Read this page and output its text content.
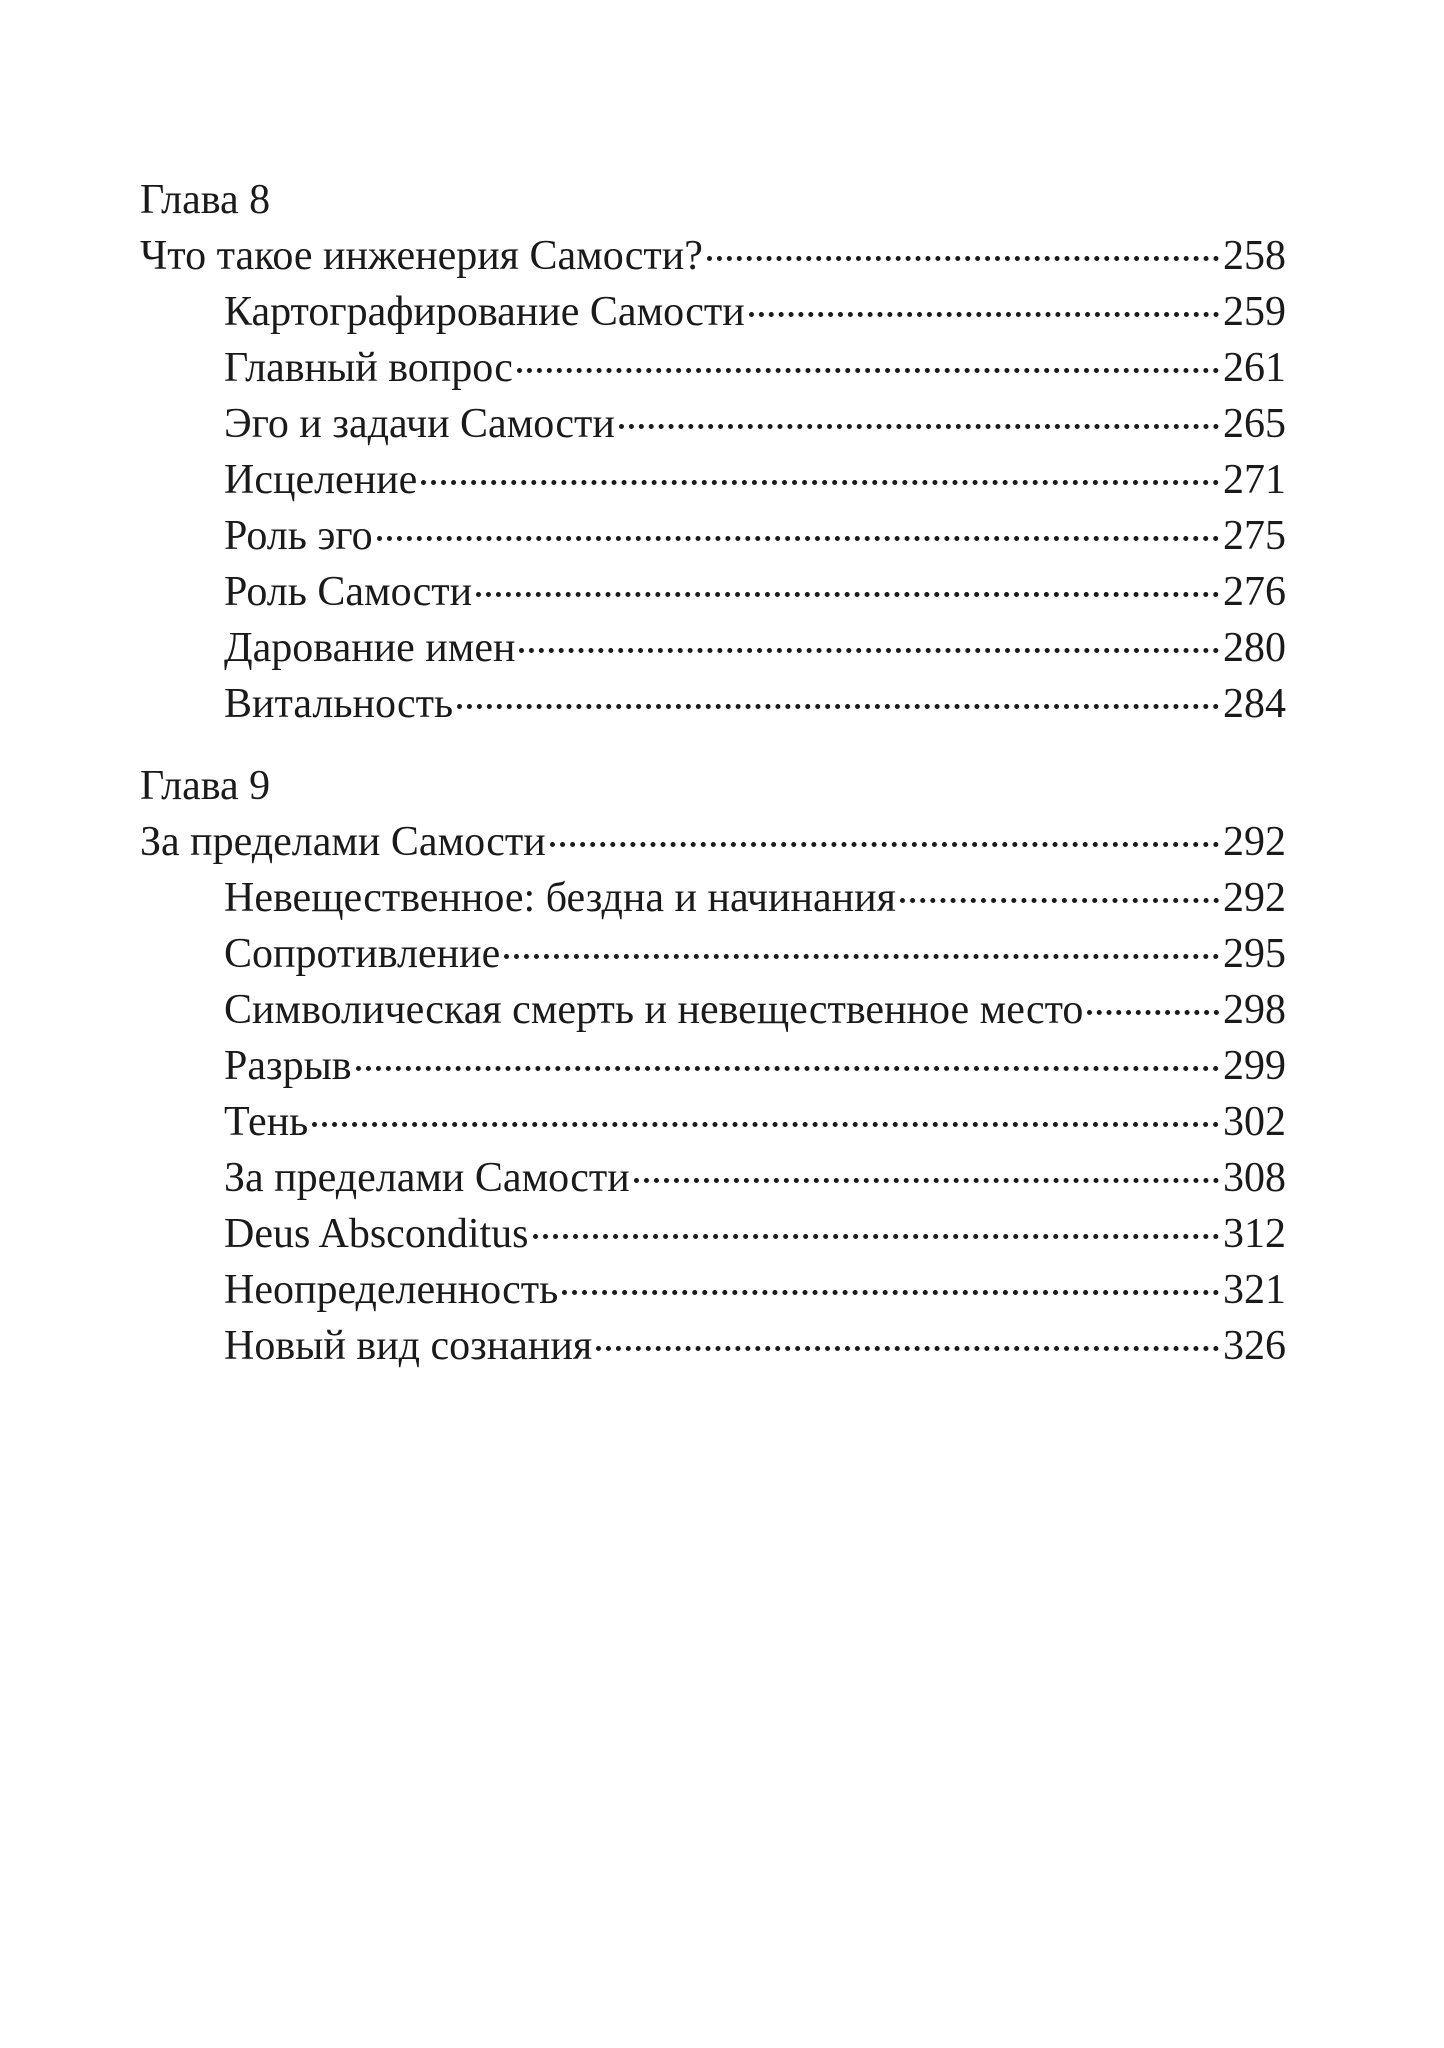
Глава 8
Что такое инженерия Самости?	258
Картографирование Самости	259
Главный вопрос	261
Эго и задачи Самости	265
Исцеление	271
Роль эго	275
Роль Самости	276
Дарование имен	280
Витальность	284
Глава 9
За пределами Самости	292
Невещественное: бездна и начинания	292
Сопротивление	295
Символическая смерть и невещественное место	298
Разрыв	299
Тень	302
За пределами Самости	308
Deus Absconditus	312
Неопределенность	321
Новый вид сознания	326
